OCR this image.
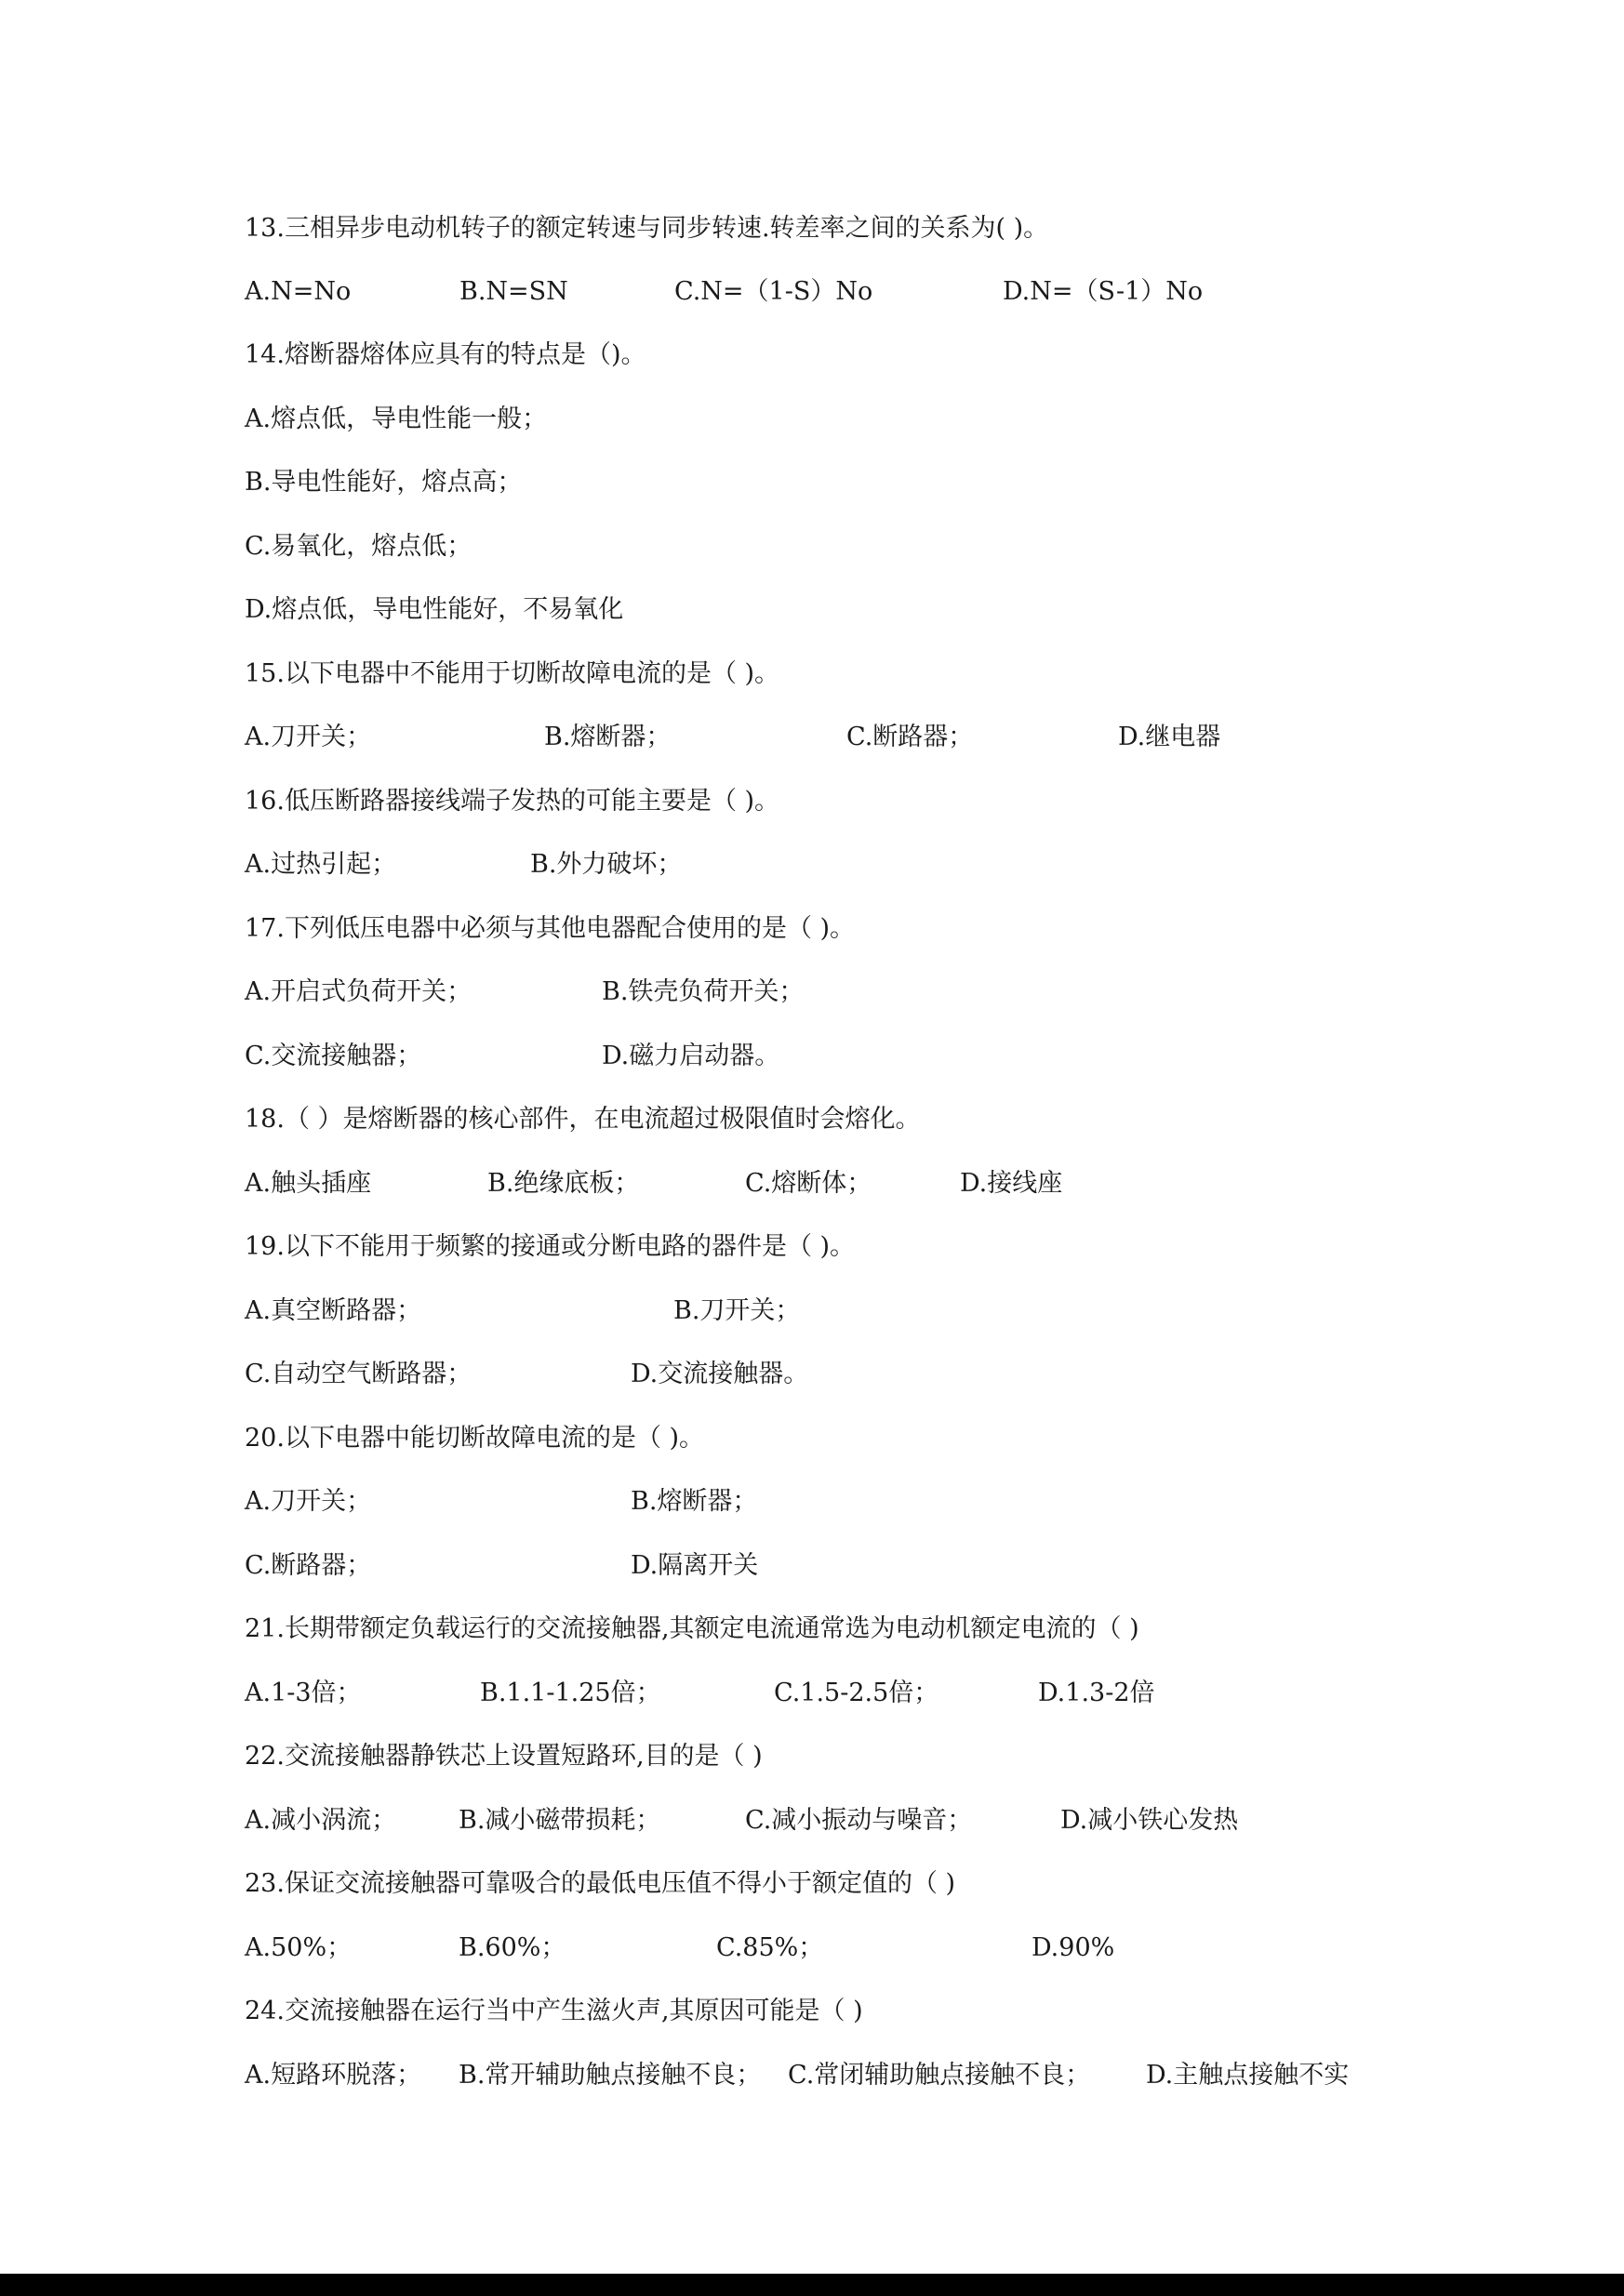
13.三相异步电动机转子的额定转速与同步转速.转差率之间的关系为( )。
A.N=No	B.N=SN	C.N=（1-S）No	D.N=（S-1）No
14.熔断器熔体应具有的特点是（)。
A.熔点低，导电性能一般；
B.导电性能好，熔点高；
C.易氧化，熔点低；
D.熔点低，导电性能好，不易氧化
15.以下电器中不能用于切断故障电流的是（ )。
A.刀开关；	B.熔断器；	C.断路器；	D.继电器
16.低压断路器接线端子发热的可能主要是（ )。
A.过热引起；	B.外力破坏；
17.下列低压电器中必须与其他电器配合使用的是（ )。
A.开启式负荷开关；	B.铁壳负荷开关；
C.交流接触器；	D.磁力启动器。
18.（ ）是熔断器的核心部件，在电流超过极限值时会熔化。
A.触头插座	B.绝缘底板；	C.熔断体；	D.接线座
19.以下不能用于频繁的接通或分断电路的器件是（ )。
A.真空断路器；	B.刀开关；
C.自动空气断路器；	D.交流接触器。
20.以下电器中能切断故障电流的是（ )。
A.刀开关；	B.熔断器；
C.断路器；	D.隔离开关
21.长期带额定负载运行的交流接触器,其额定电流通常选为电动机额定电流的（ )
A.1-3倍；	B.1.1-1.25倍；	C.1.5-2.5倍；	D.1.3-2倍
22.交流接触器静铁芯上设置短路环,目的是（ )
A.减小涡流； B.减小磁带损耗；	C.减小振动与噪音；	D.减小铁心发热
23.保证交流接触器可靠吸合的最低电压值不得小于额定值的（ )
A.50%；	B.60%；	C.85%；	D.90%
24.交流接触器在运行当中产生滋火声,其原因可能是（ )
A.短路环脱落； B.常开辅助触点接触不良； C.常闭辅助触点接触不良； D.主触点接触不实
